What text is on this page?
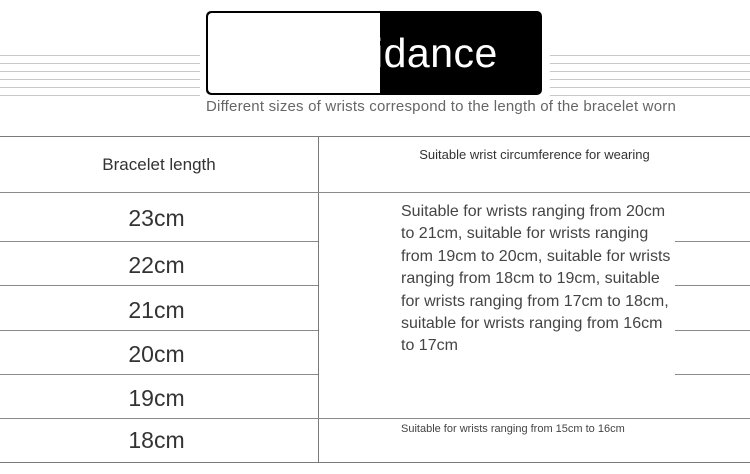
idance
Different sizes of wrists correspond to the length of the bracelet worn
Bracelet length
Suitable wrist circumference for wearing
23cm
22cm
21cm
20cm
19cm
18cm
Suitable for wrists ranging from 20cm to 21cm, suitable for wrists ranging from 19cm to 20cm, suitable for wrists ranging from 18cm to 19cm, suitable for wrists ranging from 17cm to 18cm, suitable for wrists ranging from 16cm to 17cm
Suitable for wrists ranging from 15cm to 16cm
